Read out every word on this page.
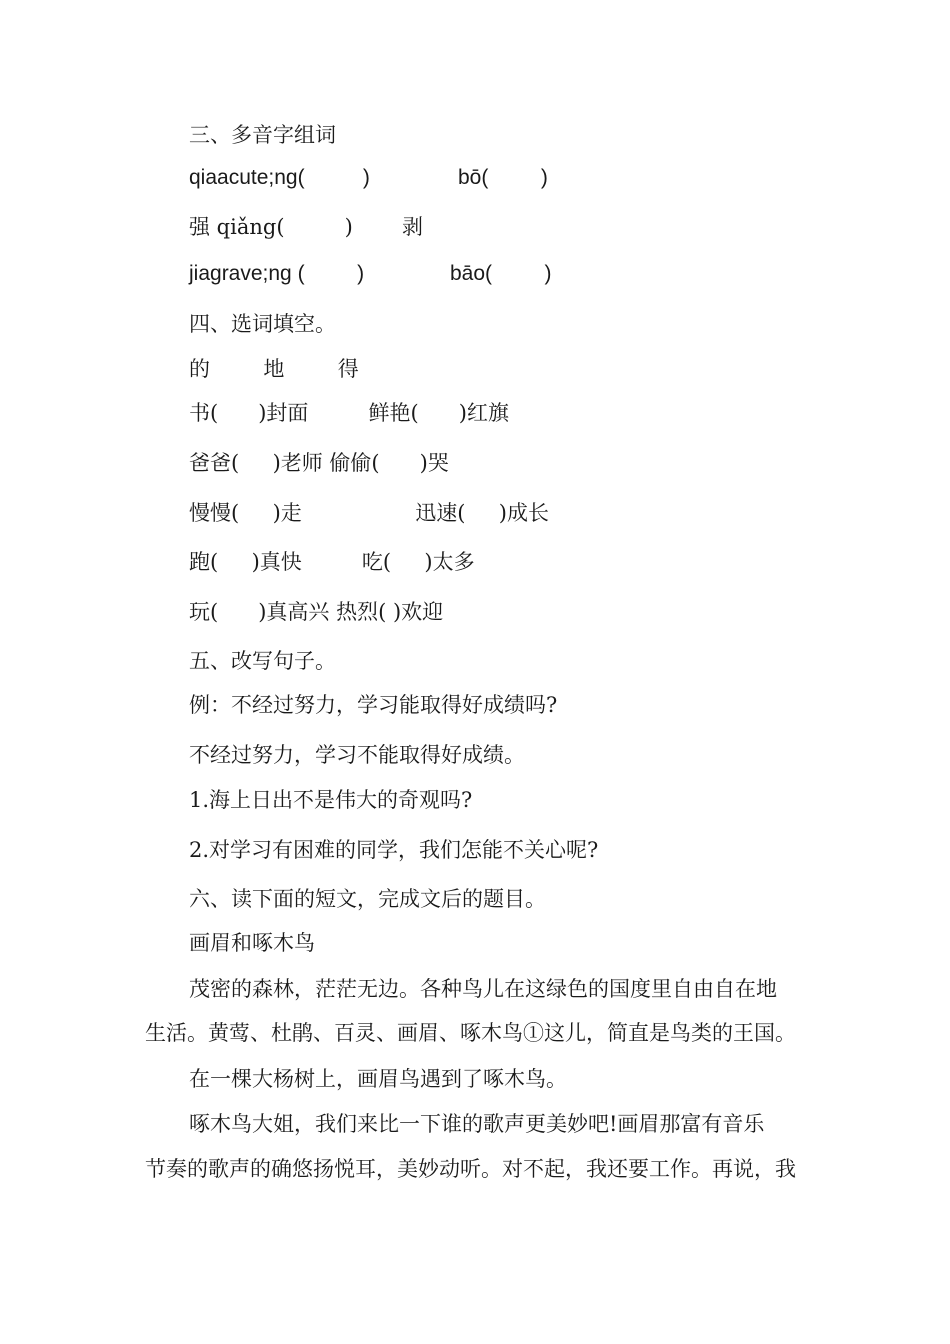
三、多音字组词
qiaacute;ng(          )	bō(         )
强 qiǎng(         ) 剥
jiagrave;ng (         )	bāo(         )
四、选词填空。
的        地        得
书(      )封面         鲜艳(      )红旗
爸爸(     )老师 偷偷(      )哭
慢慢(     )走                 迅速(     )成长
跑(     )真快         吃(     )太多
玩(      )真高兴 热烈( )欢迎
五、改写句子。
例：不经过努力，学习能取得好成绩吗?
不经过努力，学习不能取得好成绩。
1.海上日出不是伟大的奇观吗?
2.对学习有困难的同学，我们怎能不关心呢?
六、读下面的短文，完成文后的题目。
画眉和啄木鸟
茂密的森林，茫茫无边。各种鸟儿在这绿色的国度里自由自在地
生活。黄莺、杜鹃、百灵、画眉、啄木鸟①这儿，简直是鸟类的王国。
在一棵大杨树上，画眉鸟遇到了啄木鸟。
啄木鸟大姐，我们来比一下谁的歌声更美妙吧!画眉那富有音乐
节奏的歌声的确悠扬悦耳，美妙动听。对不起，我还要工作。再说，我
